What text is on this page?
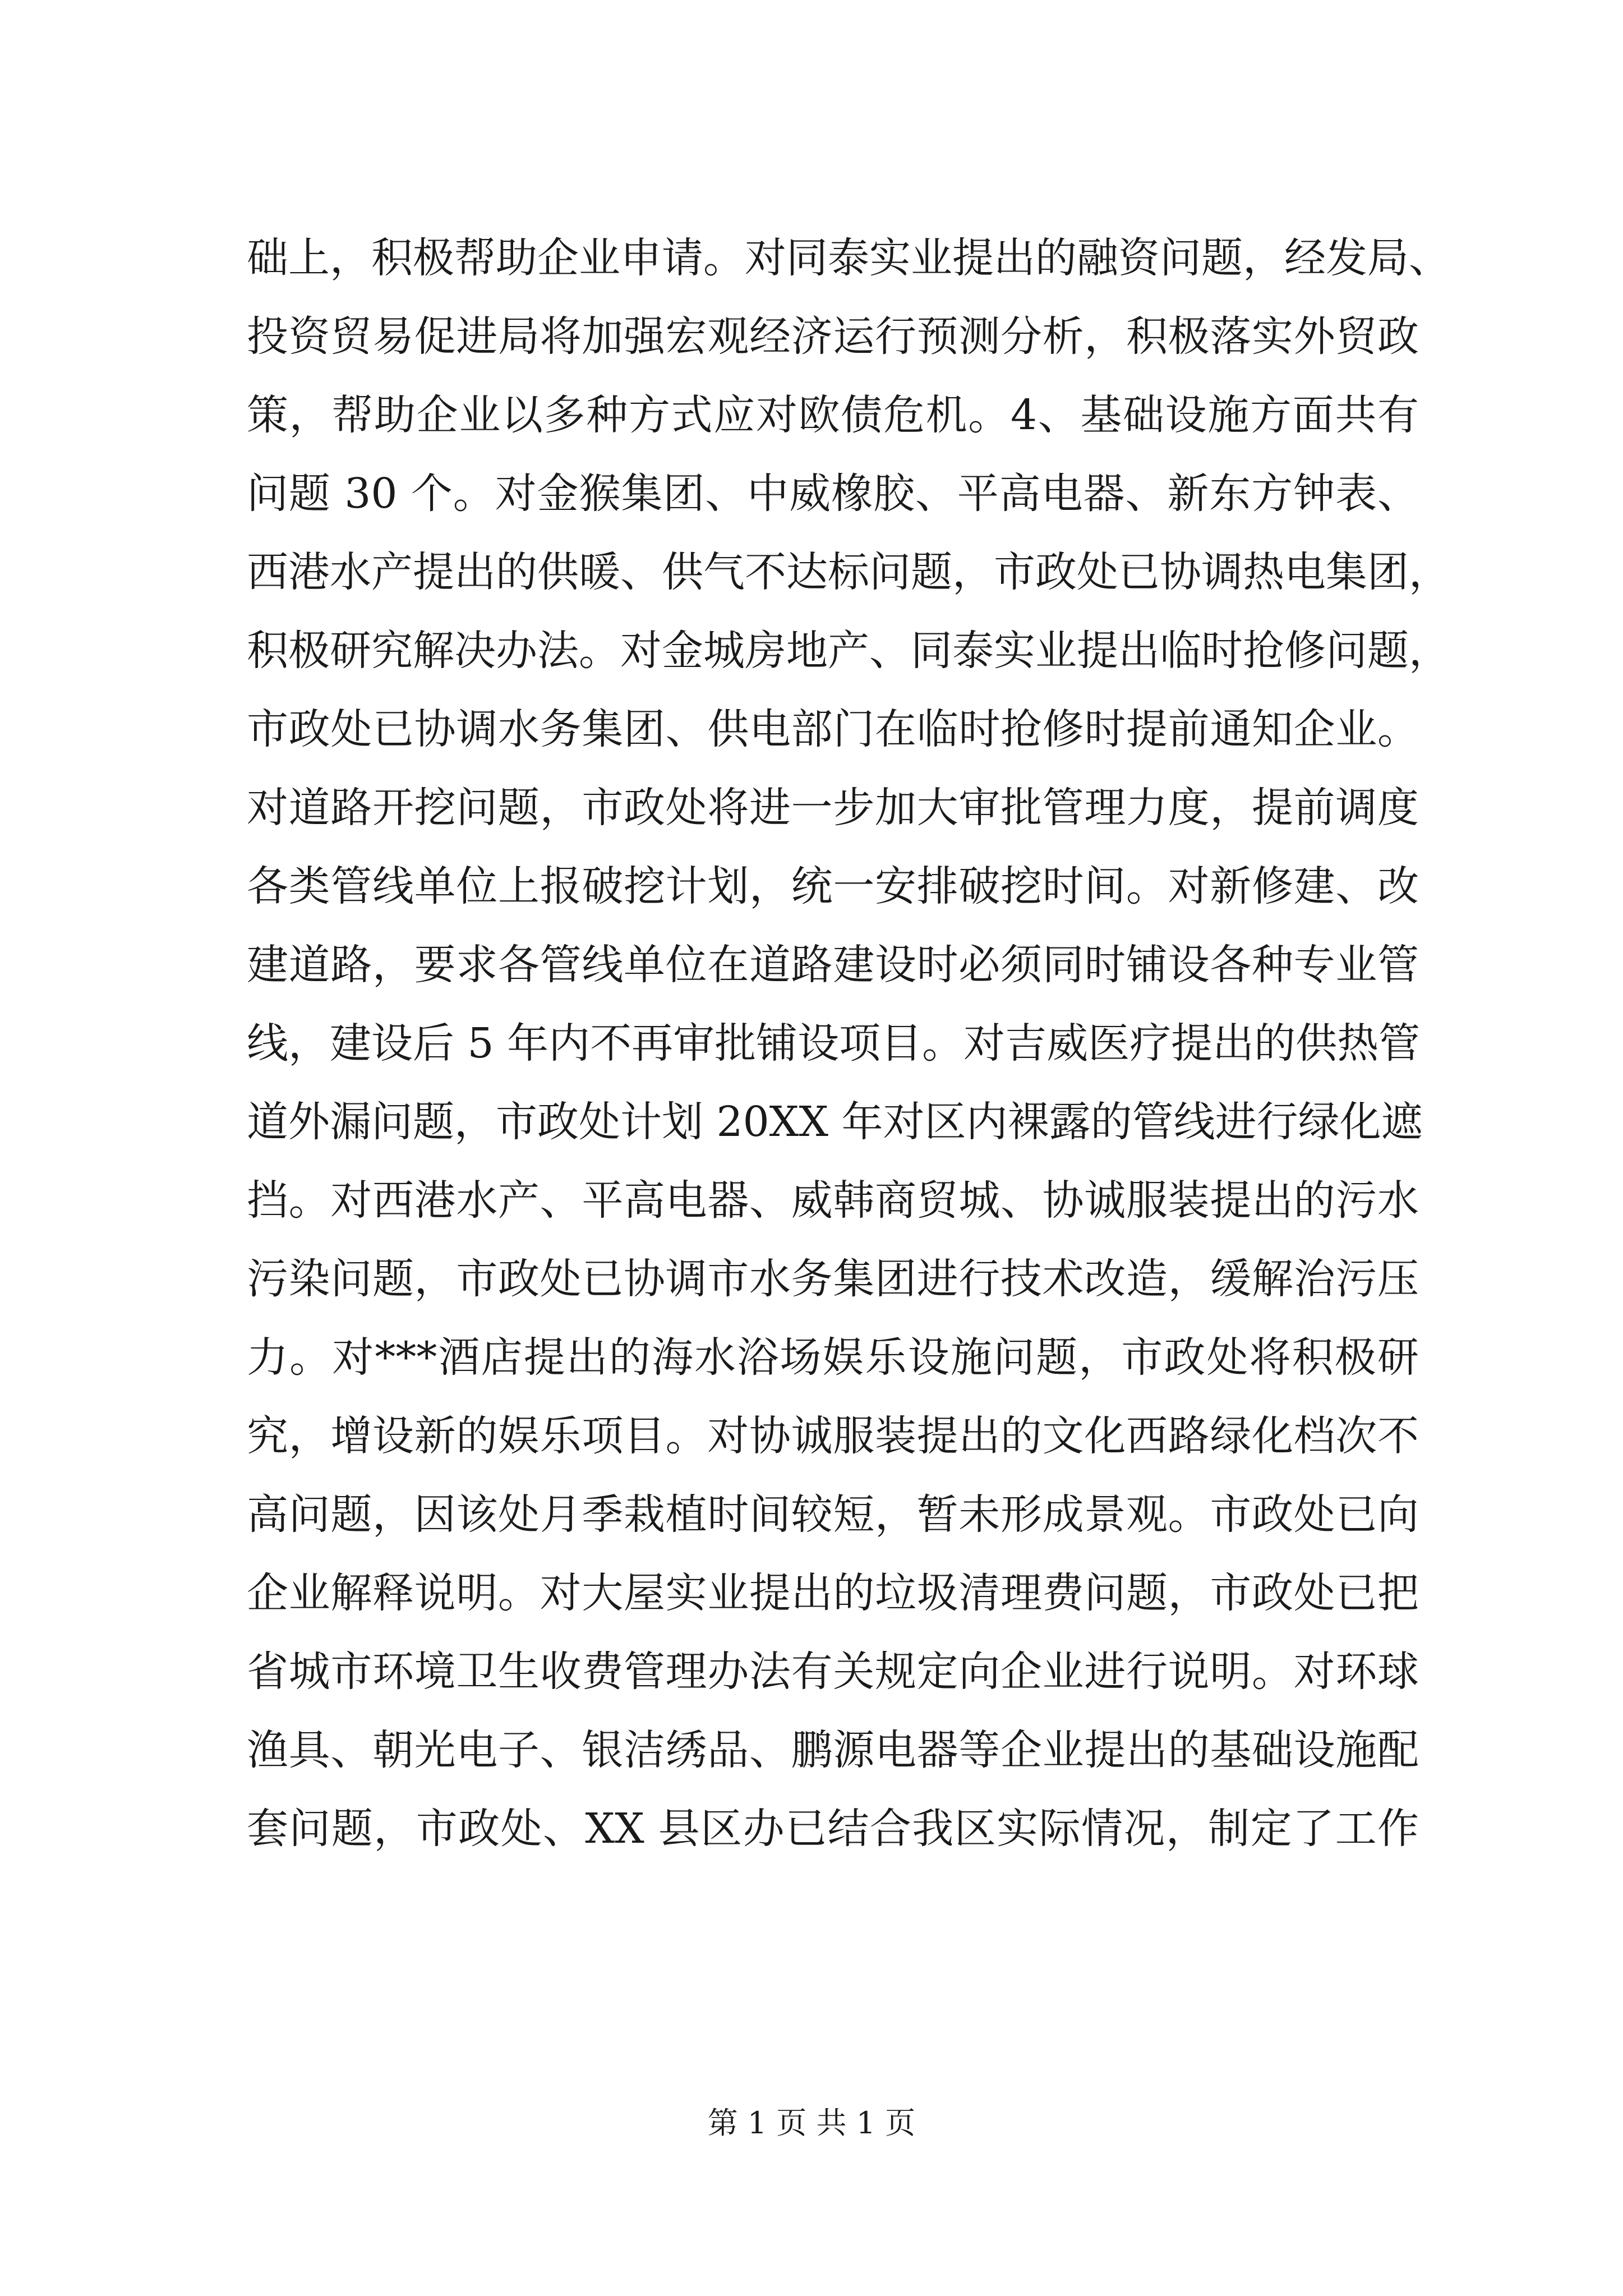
础上，积极帮助企业申请。对同泰实业提出的融资问题，经发局、
投资贸易促进局将加强宏观经济运行预测分析，积极落实外贸政
策，帮助企业以多种方式应对欧债危机。4、基础设施方面共有
问题 30 个。对金猴集团、中威橡胶、平高电器、新东方钟表、
西港水产提出的供暖、供气不达标问题，市政处已协调热电集团，
积极研究解决办法。对金城房地产、同泰实业提出临时抢修问题，
市政处已协调水务集团、供电部门在临时抢修时提前通知企业。
对道路开挖问题，市政处将进一步加大审批管理力度，提前调度
各类管线单位上报破挖计划，统一安排破挖时间。对新修建、改
建道路，要求各管线单位在道路建设时必须同时铺设各种专业管
线，建设后 5 年内不再审批铺设项目。对吉威医疗提出的供热管
道外漏问题，市政处计划 20XX 年对区内裸露的管线进行绿化遮
挡。对西港水产、平高电器、威韩商贸城、协诚服装提出的污水
污染问题，市政处已协调市水务集团进行技术改造，缓解治污压
力。对***酒店提出的海水浴场娱乐设施问题，市政处将积极研
究，增设新的娱乐项目。对协诚服装提出的文化西路绿化档次不
高问题，因该处月季栽植时间较短，暂未形成景观。市政处已向
企业解释说明。对大屋实业提出的垃圾清理费问题，市政处已把
省城市环境卫生收费管理办法有关规定向企业进行说明。对环球
渔具、朝光电子、银洁绣品、鹏源电器等企业提出的基础设施配
套问题，市政处、XX 县区办已结合我区实际情况，制定了工作
第 1 页 共 1 页
